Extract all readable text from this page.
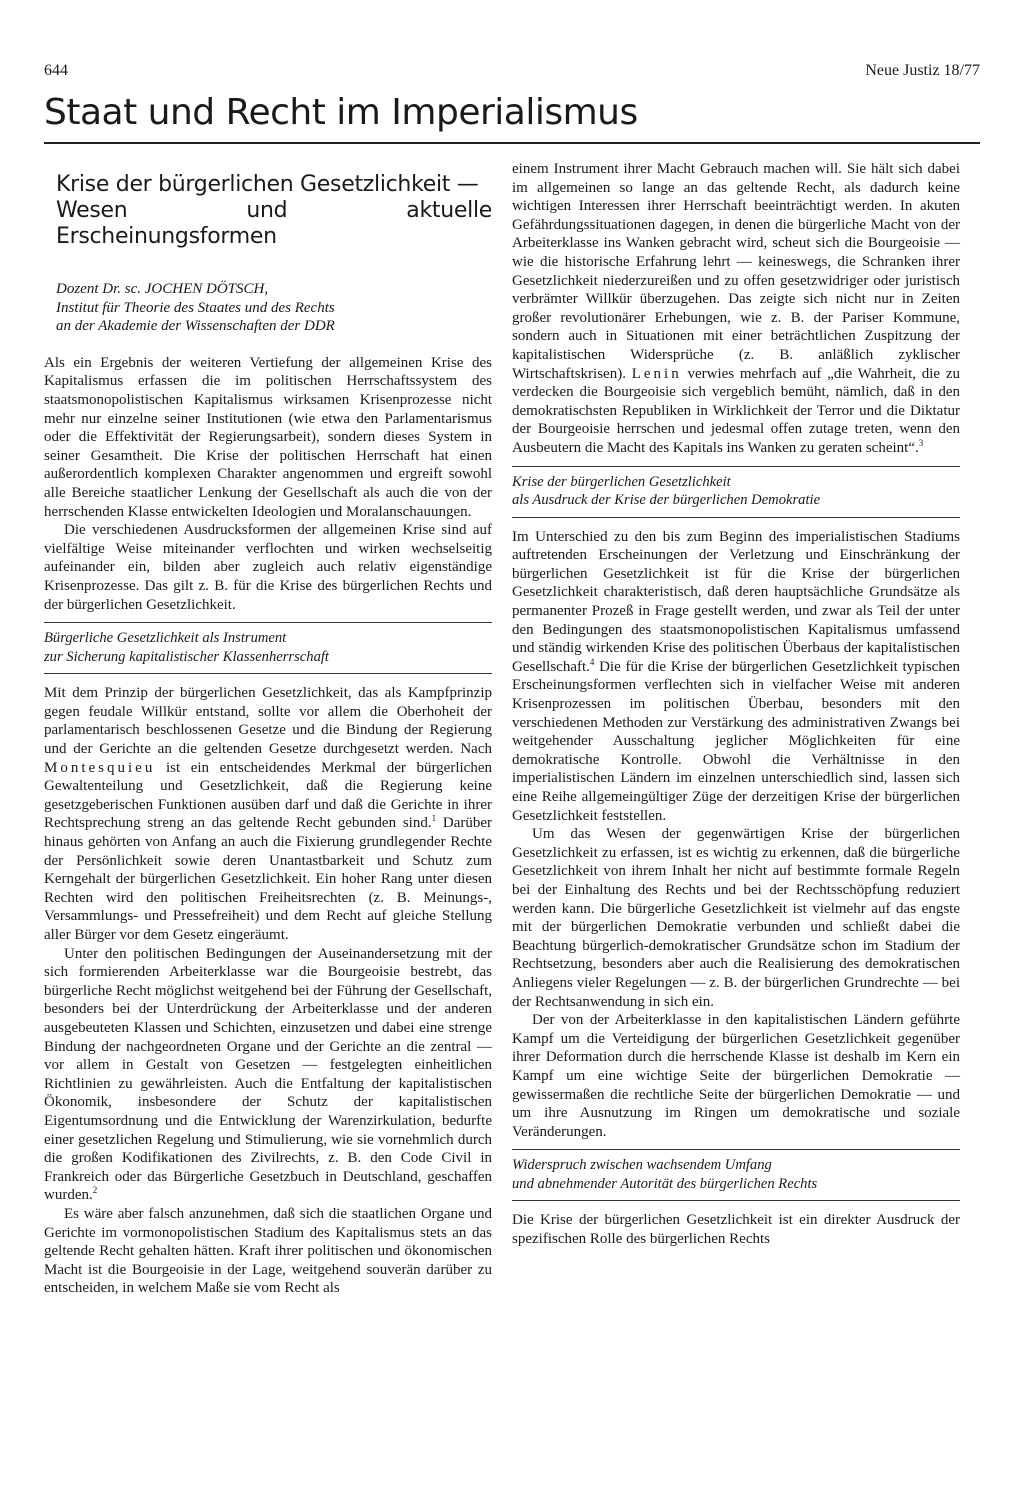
644	Neue Justiz 18/77
Staat und Recht im Imperialismus
Krise der bürgerlichen Gesetzlichkeit —
Wesen und aktuelle Erscheinungsformen
Dozent Dr. sc. JOCHEN DÖTSCH,
Institut für Theorie des Staates und des Rechts
an der Akademie der Wissenschaften der DDR

Als ein Ergebnis der weiteren Vertiefung der allgemeinen Krise des Kapitalismus erfassen die im politischen Herrschaftssystem des staatsmonopolistischen Kapitalismus wirksamen Krisenprozesse nicht mehr nur einzelne seiner Institutionen (wie etwa den Parlamentarismus oder die Effektivität der Regierungsarbeit), sondern dieses System in seiner Gesamtheit. Die Krise der politischen Herrschaft hat einen außerordentlich komplexen Charakter angenommen und ergreift sowohl alle Bereiche staatlicher Lenkung der Gesellschaft als auch die von der herrschenden Klasse entwickelten Ideologien und Moralanschauungen.

Die verschiedenen Ausdrucksformen der allgemeinen Krise sind auf vielfältige Weise miteinander verflochten und wirken wechselseitig aufeinander ein, bilden aber zugleich auch relativ eigenständige Krisenprozesse. Das gilt z. B. für die Krise des bürgerlichen Rechts und der bürgerlichen Gesetzlichkeit.

Bürgerliche Gesetzlichkeit als Instrument
zur Sicherung kapitalistischer Klassenherrschaft

Mit dem Prinzip der bürgerlichen Gesetzlichkeit, das als Kampfprinzip gegen feudale Willkür entstand, sollte vor allem die Oberhoheit der parlamentarisch beschlossenen Gesetze und die Bindung der Regierung und der Gerichte an die geltenden Gesetze durchgesetzt werden. Nach Montesquieu ist ein entscheidendes Merkmal der bürgerlichen Gewaltenteilung und Gesetzlichkeit, daß die Regierung keine gesetzgeberischen Funktionen ausüben darf und daß die Gerichte in ihrer Rechtsprechung streng an das geltende Recht gebunden sind.$^1$ Darüber hinaus gehörten von Anfang an auch die Fixierung grundlegender Rechte der Persönlichkeit sowie deren Unantastbarkeit und Schutz zum Kerngehalt der bürgerlichen Gesetzlichkeit. Ein hoher Rang unter diesen Rechten wird den politischen Freiheitsrechten (z. B. Meinungs-, Versammlungs- und Pressefreiheit) und dem Recht auf gleiche Stellung aller Bürger vor dem Gesetz eingeräumt.

Unter den politischen Bedingungen der Auseinandersetzung mit der sich formierenden Arbeiterklasse war die Bourgeoisie bestrebt, das bürgerliche Recht möglichst weitgehend bei der Führung der Gesellschaft, besonders bei der Unterdrückung der Arbeiterklasse und der anderen ausgebeuteten Klassen und Schichten, einzusetzen und dabei eine strenge Bindung der nachgeordneten Organe und der Gerichte an die zentral — vor allem in Gestalt von Gesetzen — festgelegten einheitlichen Richtlinien zu gewährleisten. Auch die Entfaltung der kapitalistischen Ökonomik, insbesondere der Schutz der kapitalistischen Eigentumsordnung und die Entwicklung der Warenzirkulation, bedurfte einer gesetzlichen Regelung und Stimulierung, wie sie vornehmlich durch die großen Kodifikationen des Zivilrechts, z. B. den Code Civil in Frankreich oder das Bürgerliche Gesetzbuch in Deutschland, geschaffen wurden.$^2$

Es wäre aber falsch anzunehmen, daß sich die staatlichen Organe und Gerichte im vormonopolistischen Stadium des Kapitalismus stets an das geltende Recht gehalten hätten. Kraft ihrer politischen und ökonomischen Macht ist die Bourgeoisie in der Lage, weitgehend souverän darüber zu entscheiden, in welchem Maße sie vom Recht als

einem Instrument ihrer Macht Gebrauch machen will. Sie hält sich dabei im allgemeinen so lange an das geltende Recht, als dadurch keine wichtigen Interessen ihrer Herrschaft beeinträchtigt werden. In akuten Gefährdungssituationen dagegen, in denen die bürgerliche Macht von der Arbeiterklasse ins Wanken gebracht wird, scheut sich die Bourgeoisie — wie die historische Erfahrung lehrt — keineswegs, die Schranken ihrer Gesetzlichkeit niederzureißen und zu offen gesetzwidriger oder juristisch verbrämter Willkür überzugehen. Das zeigte sich nicht nur in Zeiten großer revolutionärer Erhebungen, wie z. B. der Pariser Kommune, sondern auch in Situationen mit einer beträchtlichen Zuspitzung der kapitalistischen Widersprüche (z. B. anläßlich zyklischer Wirtschaftskrisen). Lenin verwies mehrfach auf „die Wahrheit, die zu verdecken die Bourgeoisie sich vergeblich bemüht, nämlich, daß in den demokratischsten Republiken in Wirklichkeit der Terror und die Diktatur der Bourgeoisie herrschen und jedesmal offen zutage treten, wenn den Ausbeutern die Macht des Kapitals ins Wanken zu geraten scheint“.$^3$

Krise der bürgerlichen Gesetzlichkeit
als Ausdruck der Krise der bürgerlichen Demokratie

Im Unterschied zu den bis zum Beginn des imperialistischen Stadiums auftretenden Erscheinungen der Verletzung und Einschränkung der bürgerlichen Gesetzlichkeit ist für die Krise der bürgerlichen Gesetzlichkeit charakteristisch, daß deren hauptsächliche Grundsätze als permanenter Prozeß in Frage gestellt werden, und zwar als Teil der unter den Bedingungen des staatsmonopolistischen Kapitalismus umfassend und ständig wirkenden Krise des politischen Überbaus der kapitalistischen Gesellschaft.$^4$ Die für die Krise der bürgerlichen Gesetzlichkeit typischen Erscheinungsformen verflechten sich in vielfacher Weise mit anderen Krisenprozessen im politischen Überbau, besonders mit den verschiedenen Methoden zur Verstärkung des administrativen Zwangs bei weitgehender Ausschaltung jeglicher Möglichkeiten für eine demokratische Kontrolle. Obwohl die Verhältnisse in den imperialistischen Ländern im einzelnen unterschiedlich sind, lassen sich eine Reihe allgemeingültiger Züge der derzeitigen Krise der bürgerlichen Gesetzlichkeit feststellen.

Um das Wesen der gegenwärtigen Krise der bürgerlichen Gesetzlichkeit zu erfassen, ist es wichtig zu erkennen, daß die bürgerliche Gesetzlichkeit von ihrem Inhalt her nicht auf bestimmte formale Regeln bei der Einhaltung des Rechts und bei der Rechtsschöpfung reduziert werden kann. Die bürgerliche Gesetzlichkeit ist vielmehr auf das engste mit der bürgerlichen Demokratie verbunden und schließt dabei die Beachtung bürgerlich-demokratischer Grundsätze schon im Stadium der Rechtsetzung, besonders aber auch die Realisierung des demokratischen Anliegens vieler Regelungen — z. B. der bürgerlichen Grundrechte — bei der Rechtsanwendung in sich ein.

Der von der Arbeiterklasse in den kapitalistischen Ländern geführte Kampf um die Verteidigung der bürgerlichen Gesetzlichkeit gegenüber ihrer Deformation durch die herrschende Klasse ist deshalb im Kern ein Kampf um eine wichtige Seite der bürgerlichen Demokratie — gewissermaßen die rechtliche Seite der bürgerlichen Demokratie — und um ihre Ausnutzung im Ringen um demokratische und soziale Veränderungen.

Widerspruch zwischen wachsendem Umfang
und abnehmender Autorität des bürgerlichen Rechts

Die Krise der bürgerlichen Gesetzlichkeit ist ein direkter Ausdruck der spezifischen Rolle des bürgerlichen Rechts
